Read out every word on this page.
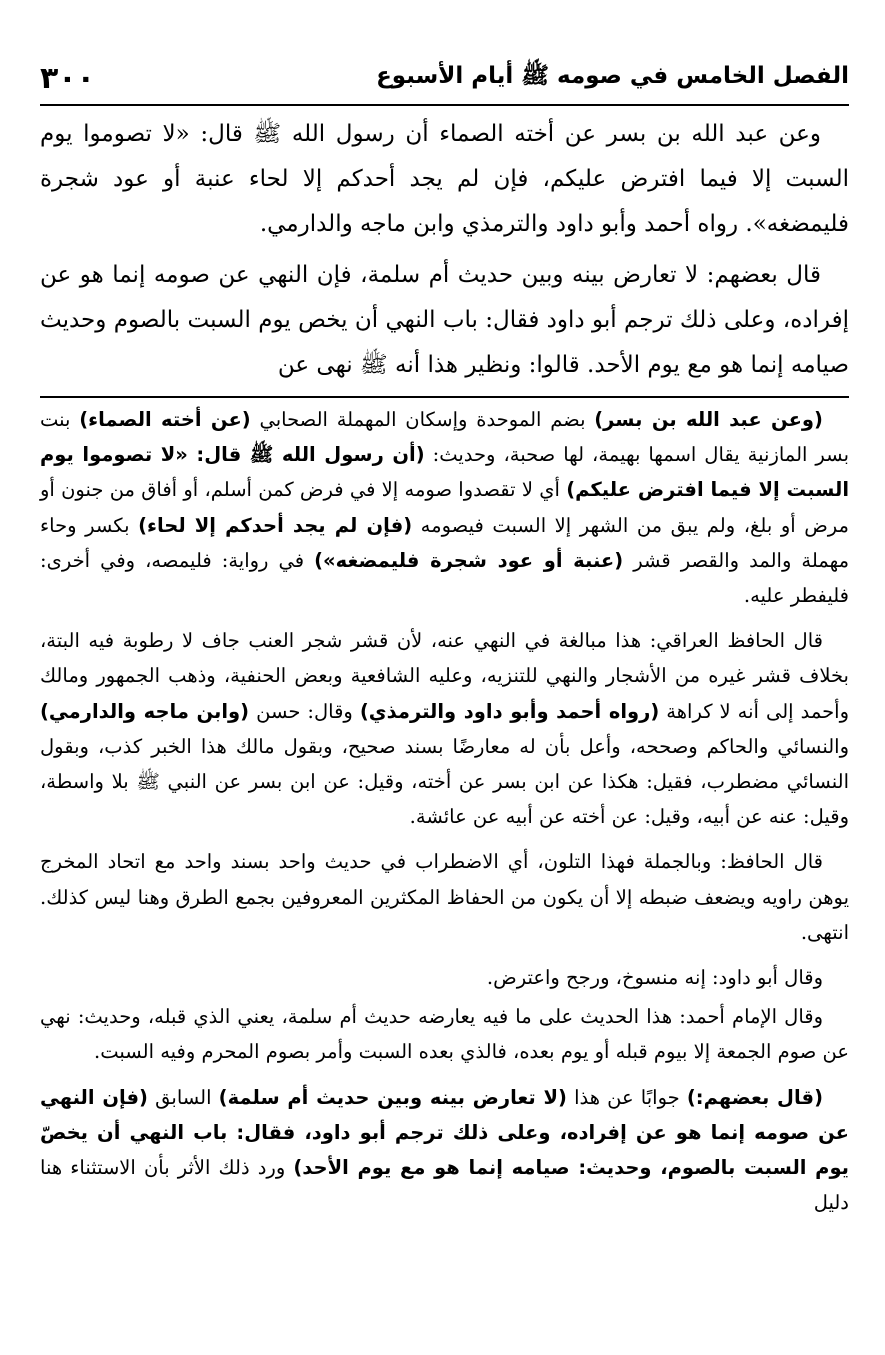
الفصل الخامس في صومه ﷺ أيام الأسبوع
٣٠٠

وعن عبد الله بن بسر عن أخته الصماء أن رسول الله ﷺ قال: «لا تصوموا يوم السبت إلا فيما افترض عليكم، فإن لم يجد أحدكم إلا لحاء عنبة أو عود شجرة فليمضغه». رواه أحمد وأبو داود والترمذي وابن ماجه والدارمي.

قال بعضهم: لا تعارض بينه وبين حديث أم سلمة، فإن النهي عن صومه إنما هو عن إفراده، وعلى ذلك ترجم أبو داود فقال: باب النهي أن يخص يوم السبت بالصوم وحديث صيامه إنما هو مع يوم الأحد. قالوا: ونظير هذا أنه ﷺ نهى عن

(وعن عبد الله بن بسر) بضم الموحدة وإسكان المهملة الصحابي (عن أخته الصماء) بنت بسر المازنية يقال اسمها بهيمة، لها صحبة، وحديث: (أن رسول الله ﷺ قال: «لا تصوموا يوم السبت إلا فيما افترض عليكم) أي لا تقصدوا صومه إلا في فرض كمن أسلم، أو أفاق من جنون أو مرض أو بلغ، ولم يبق من الشهر إلا السبت فيصومه (فإن لم يجد أحدكم إلا لحاء) بكسر وحاء مهملة والمد والقصر قشر (عنبة أو عود شجرة فليمضغه») في رواية: فليمصه، وفي أخرى: فليفطر عليه.

قال الحافظ العراقي: هذا مبالغة في النهي عنه، لأن قشر شجر العنب جاف لا رطوبة فيه البتة، بخلاف قشر غيره من الأشجار والنهي للتنزيه، وعليه الشافعية وبعض الحنفية، وذهب الجمهور ومالك وأحمد إلى أنه لا كراهة (رواه أحمد وأبو داود والترمذي) وقال: حسن (وابن ماجه والدارمي) والنسائي والحاكم وصححه، وأعل بأن له معارضًا بسند صحيح، وبقول مالك هذا الخبر كذب، وبقول النسائي مضطرب، فقيل: هكذا عن ابن بسر عن أخته، وقيل: عن ابن بسر عن النبي ﷺ بلا واسطة، وقيل: عنه عن أبيه، وقيل: عن أخته عن أبيه عن عائشة.

قال الحافظ: وبالجملة فهذا التلون، أي الاضطراب في حديث واحد بسند واحد مع اتحاد المخرج يوهن راويه ويضعف ضبطه إلا أن يكون من الحفاظ المكثرين المعروفين بجمع الطرق وهنا ليس كذلك. انتهى.

وقال أبو داود: إنه منسوخ، ورجح واعترض.

وقال الإمام أحمد: هذا الحديث على ما فيه يعارضه حديث أم سلمة، يعني الذي قبله، وحديث: نهي عن صوم الجمعة إلا بيوم قبله أو يوم بعده، فالذي بعده السبت وأمر بصوم المحرم وفيه السبت.

(قال بعضهم:) جوابًا عن هذا (لا تعارض بينه وبين حديث أم سلمة) السابق (فإن النهي عن صومه إنما هو عن إفراده، وعلى ذلك ترجم أبو داود، فقال: باب النهي أن يخصّ يوم السبت بالصوم، وحديث: صيامه إنما هو مع يوم الأحد) ورد ذلك الأثر بأن الاستثناء هنا دليل
